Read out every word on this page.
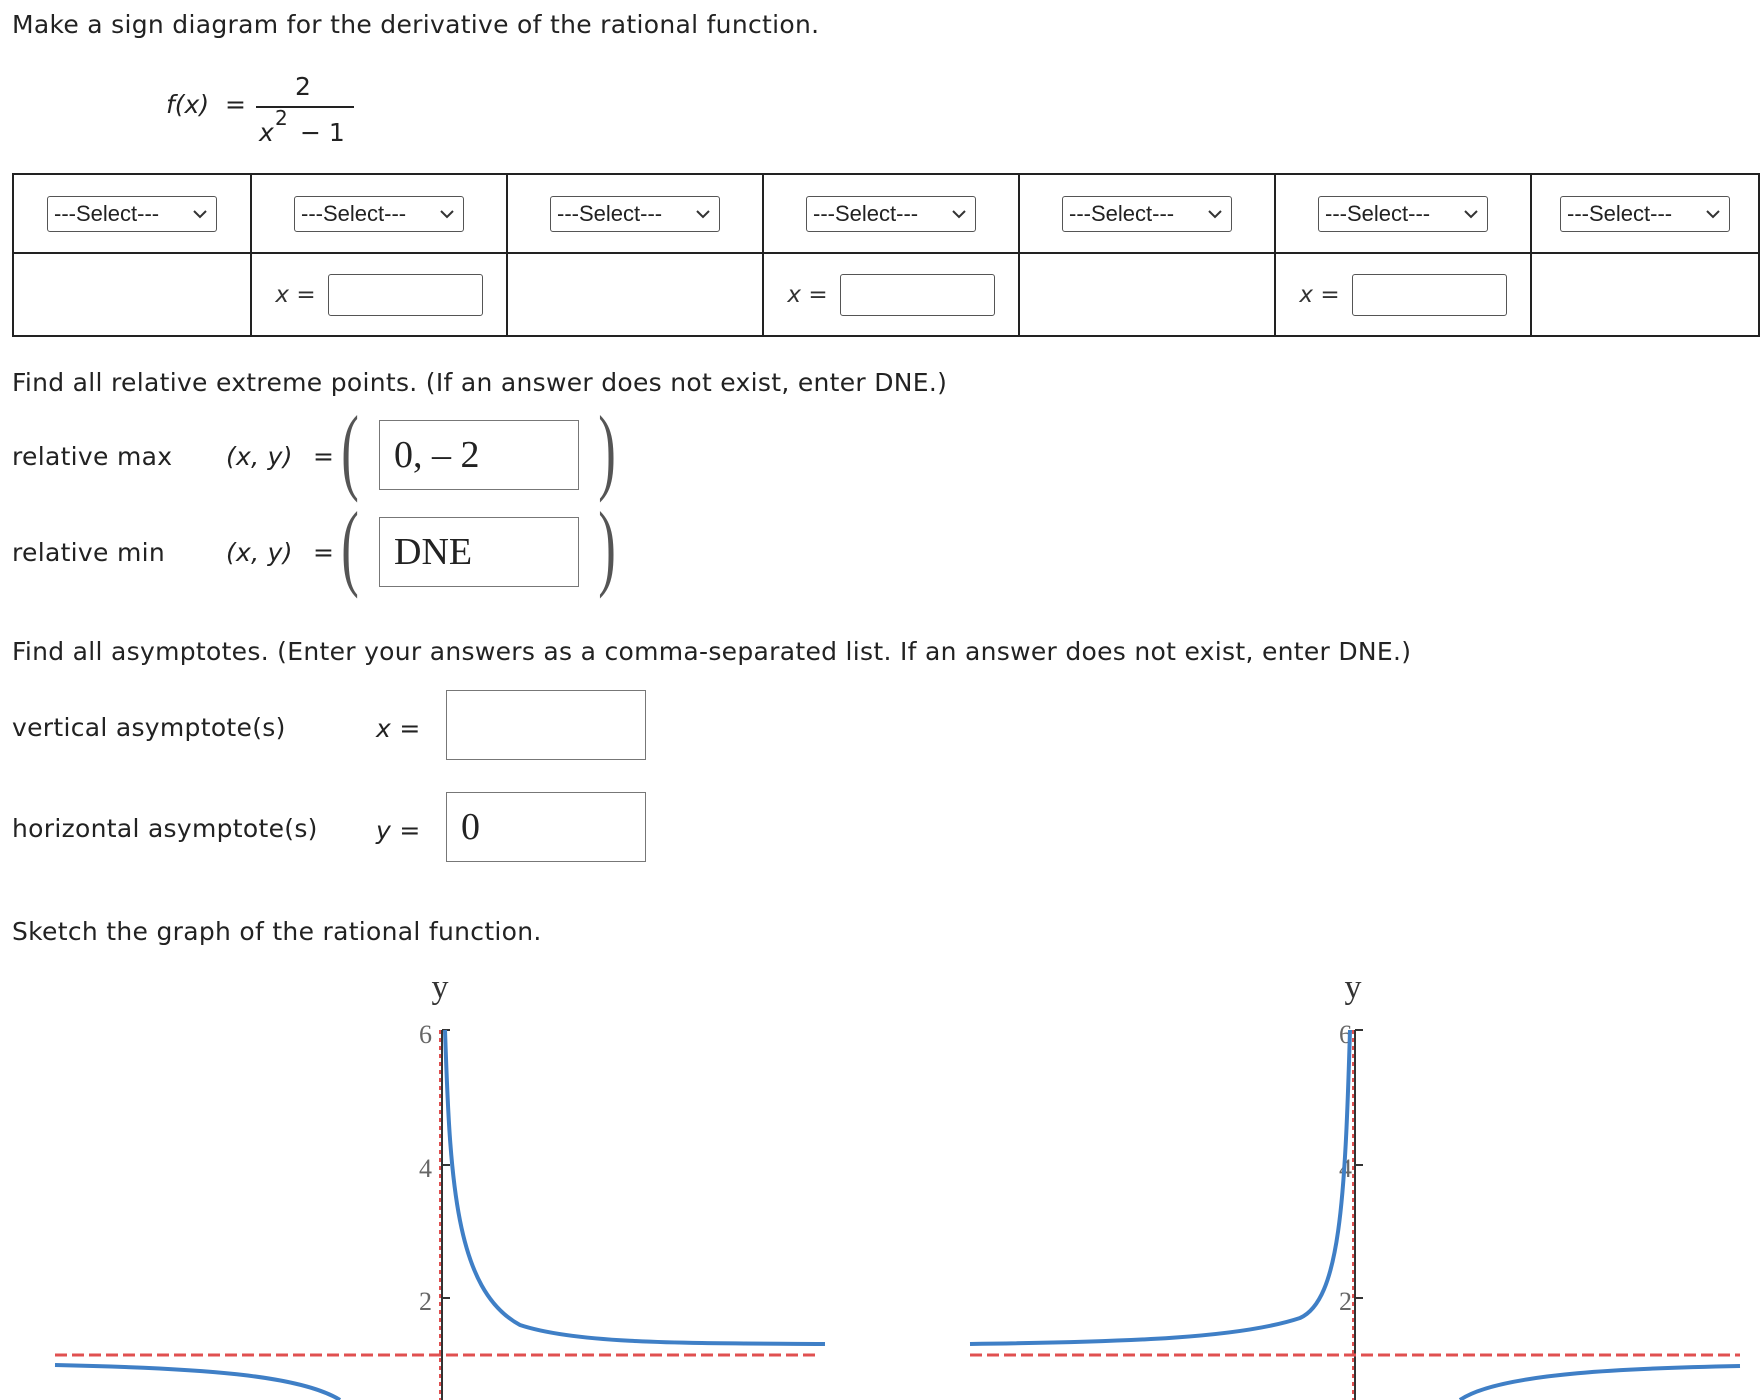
Make a sign diagram for the derivative of the rational function.
f(x) =
2
x 2 − 1
---Select---	---Select---	---Select---	---Select---	---Select---	---Select---	---Select---

	x =		x =		x =	

Find all relative extreme points. (If an answer does not exist, enter DNE.)
relative max (x, y) = ( 0, – 2	)
relative min (x, y) = ( DNE	)
Find all asymptotes. (Enter your answers as a comma-separated list. If an answer does not exist, enter DNE.)
vertical asymptote(s)	x =
horizontal asymptote(s) y =	0
Sketch the graph of the rational function.
y
6
4
2
y
6
4
2
